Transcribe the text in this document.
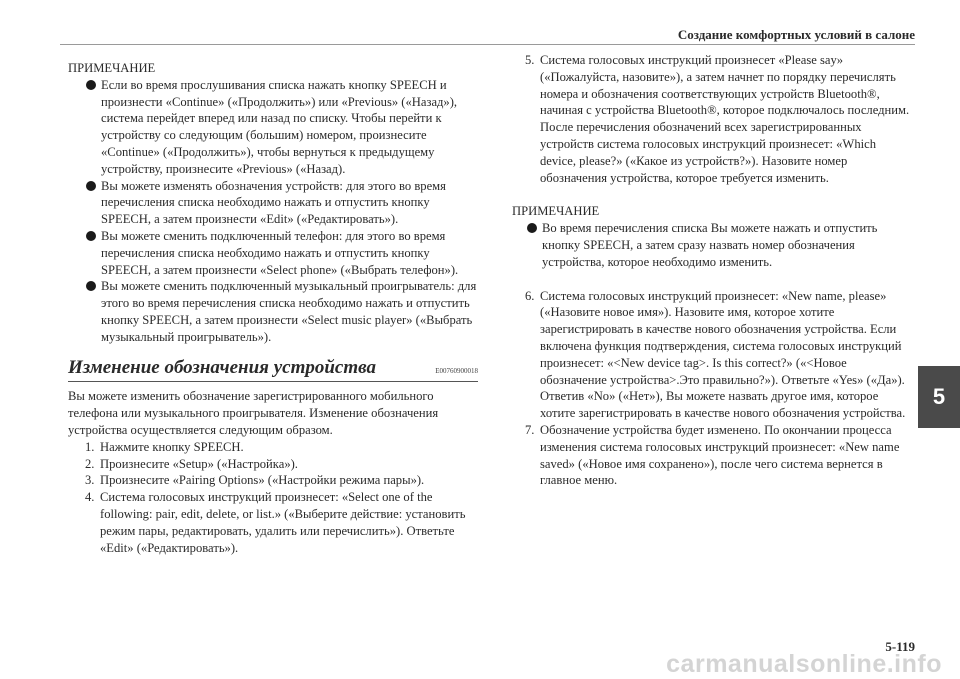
Создание комфортных условий в салоне
5

ПРИМЕЧАНИЕ

Если во время прослушивания списка нажать кнопку SPEECH и произнести «Continue» («Продолжить») или «Previous» («Назад»), система перейдет вперед или назад по списку. Чтобы перейти к устройству со следующим (большим) номером, произнесите «Continue» («Продолжить»), чтобы вернуться к предыдущему устройству, произнесите «Previous» («Назад).
Вы можете изменять обозначения устройств: для этого во время перечисления списка необходимо нажать и отпустить кнопку SPEECH, а затем произнести «Edit» («Редактировать»).
Вы можете сменить подключенный телефон: для этого во время перечисления списка необходимо нажать и отпустить кнопку SPEECH, а затем произнести «Select phone» («Выбрать телефон»).
Вы можете сменить подключенный музыкальный проигрыватель: для этого во время перечисления списка необходимо нажать и отпустить кнопку SPEECH, а затем произнести «Select music player» («Выбрать музыкальный проигрыватель»).
Изменение обозначения устройства	E00760900018

Вы можете изменить обозначение зарегистрированного мобильного телефона или музыкального проигрывателя. Изменение обозначения устройства осуществляется следующим образом.

1. Нажмите кнопку SPEECH.
2. Произнесите «Setup» («Настройка»).
3. Произнесите «Pairing Options» («Настройки режима пары»).
4. Система голосовых инструкций произнесет: «Select one of the following: pair, edit, delete, or list.» («Выберите действие: установить режим пары, редактировать, удалить или перечислить»). Ответьте «Edit» («Редактировать»).
5. Система голосовых инструкций произнесет «Please say» («Пожалуйста, назовите»), а затем начнет по порядку перечислять номера и обозначения соответствующих устройств Bluetooth®, начиная с устройства Bluetooth®, которое подключалось последним. После перечисления обозначений всех зарегистрированных устройств система голосовых инструкций произнесет: «Which device, please?» («Какое из устройств?»). Назовите номер обозначения устройства, которое требуется изменить.

ПРИМЕЧАНИЕ

Во время перечисления списка Вы можете нажать и отпустить кнопку SPEECH, а затем сразу назвать номер обозначения устройства, которое необходимо изменить.
6. Система голосовых инструкций произнесет: «New name, please» («Назовите новое имя»). Назовите имя, которое хотите зарегистрировать в качестве нового обозначения устройства. Если включена функция подтверждения, система голосовых инструкций произнесет: «<New device tag>. Is this correct?» («<Новое обозначение устройства>.Это правильно?»). Ответьте «Yes» («Да»). Ответив «No» («Нет»), Вы можете назвать другое имя, которое хотите зарегистрировать в качестве нового обозначения устройства.
7. Обозначение устройства будет изменено. По окончании процесса изменения система голосовых инструкций произнесет: «New name saved» («Новое имя сохранено»), после чего система вернется в главное меню.
5-119
carmanualsonline.info
